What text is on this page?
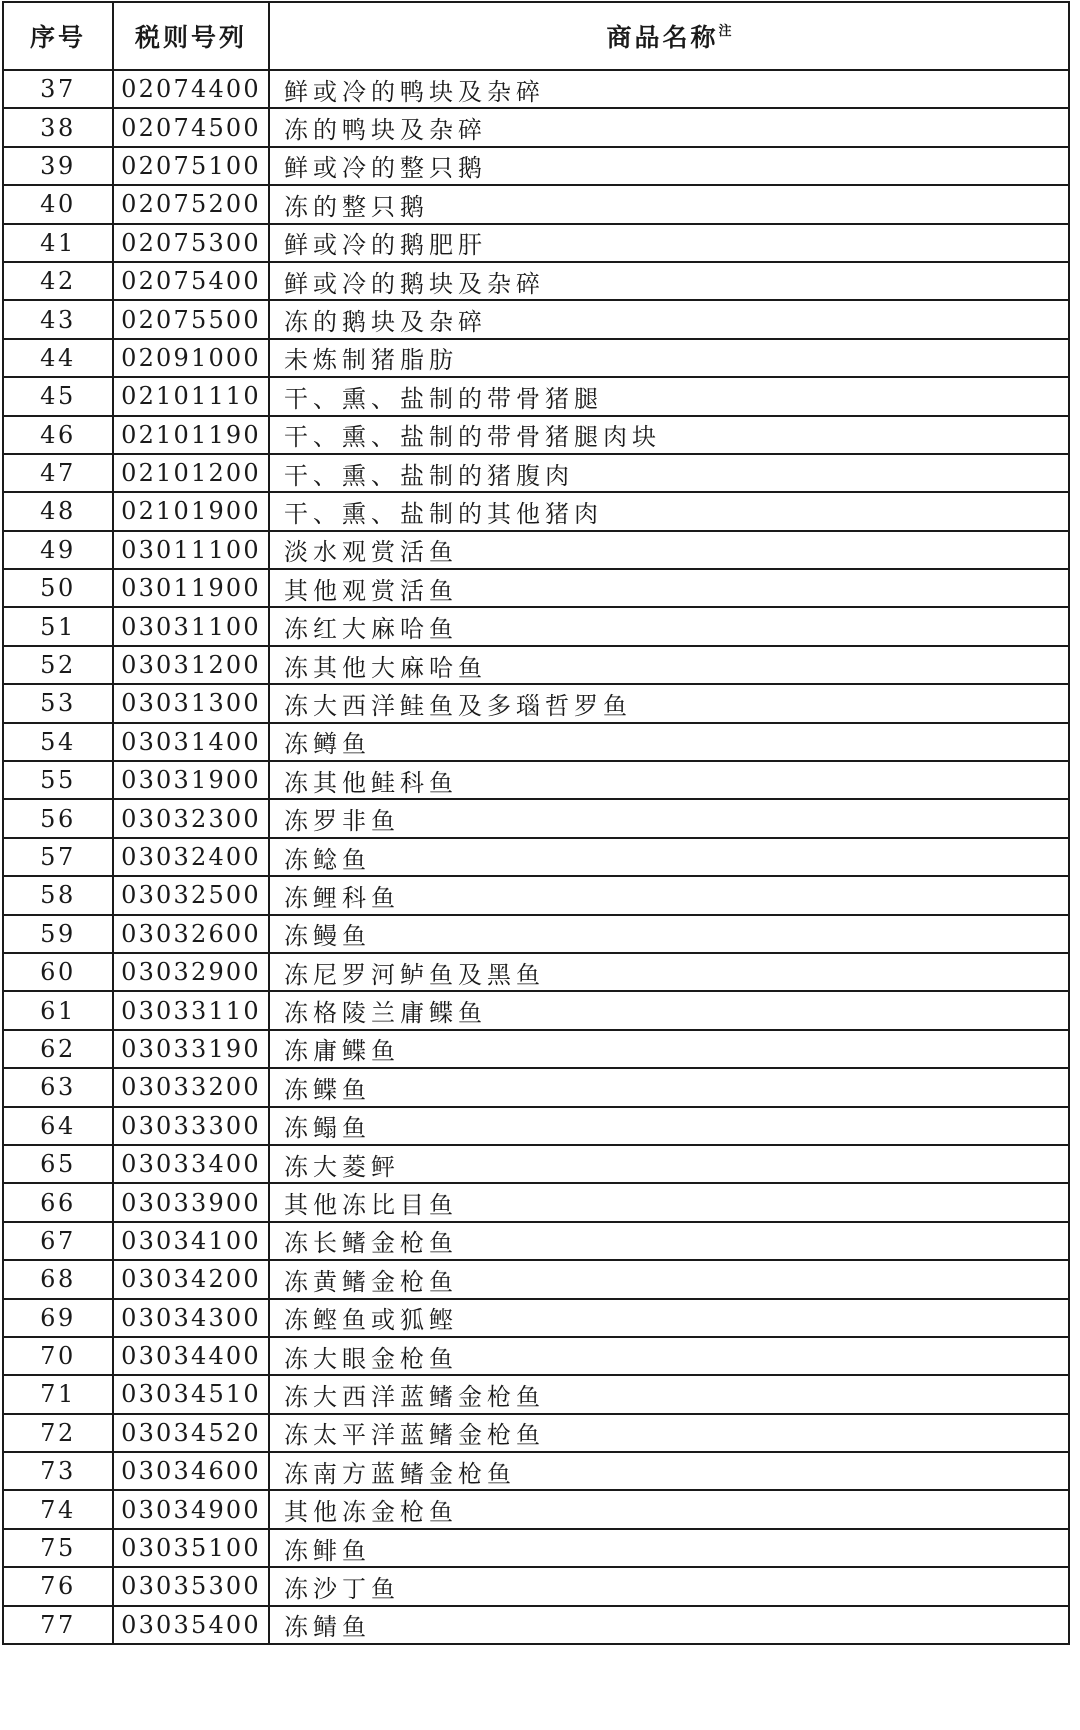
序号	税则号列	商品名称$^注$
37	02074400	鲜或冷的鸭块及杂碎
38	02074500	冻的鸭块及杂碎
39	02075100	鲜或冷的整只鹅
40	02075200	冻的整只鹅
41	02075300	鲜或冷的鹅肥肝
42	02075400	鲜或冷的鹅块及杂碎
43	02075500	冻的鹅块及杂碎
44	02091000	未炼制猪脂肪
45	02101110	干、熏、盐制的带骨猪腿
46	02101190	干、熏、盐制的带骨猪腿肉块
47	02101200	干、熏、盐制的猪腹肉
48	02101900	干、熏、盐制的其他猪肉
49	03011100	淡水观赏活鱼
50	03011900	其他观赏活鱼
51	03031100	冻红大麻哈鱼
52	03031200	冻其他大麻哈鱼
53	03031300	冻大西洋鲑鱼及多瑙哲罗鱼
54	03031400	冻鳟鱼
55	03031900	冻其他鲑科鱼
56	03032300	冻罗非鱼
57	03032400	冻鲶鱼
58	03032500	冻鲤科鱼
59	03032600	冻鳗鱼
60	03032900	冻尼罗河鲈鱼及黑鱼
61	03033110	冻格陵兰庸鲽鱼
62	03033190	冻庸鲽鱼
63	03033200	冻鲽鱼
64	03033300	冻鳎鱼
65	03033400	冻大菱鲆
66	03033900	其他冻比目鱼
67	03034100	冻长鳍金枪鱼
68	03034200	冻黄鳍金枪鱼
69	03034300	冻鲣鱼或狐鲣
70	03034400	冻大眼金枪鱼
71	03034510	冻大西洋蓝鳍金枪鱼
72	03034520	冻太平洋蓝鳍金枪鱼
73	03034600	冻南方蓝鳍金枪鱼
74	03034900	其他冻金枪鱼
75	03035100	冻鲱鱼
76	03035300	冻沙丁鱼
77	03035400	冻鲭鱼
